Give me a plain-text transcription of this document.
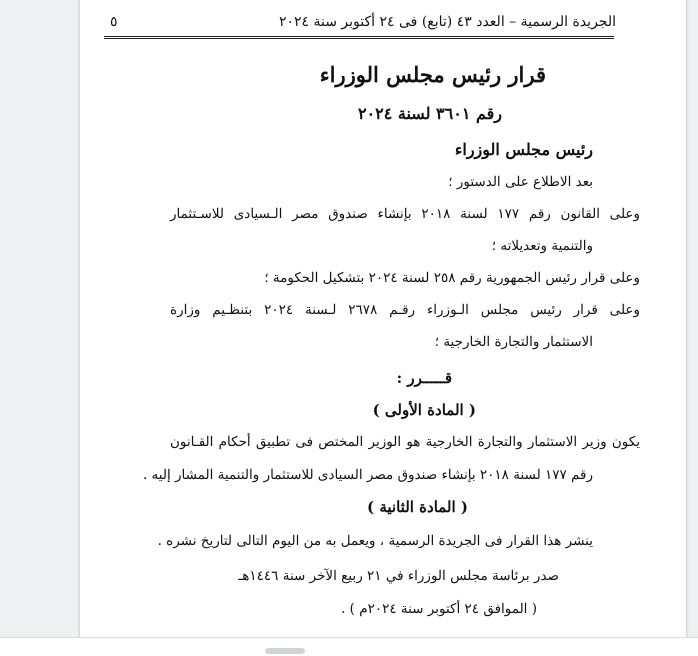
الجريدة الرسمية – العدد ٤٣ (تابع) فى ٢٤ أكتوبر سنة ٢٠٢٤
٥
قرار رئيس مجلس الوزراء
رقم ٣٦٠١ لسنة ٢٠٢٤
رئيس مجلس الوزراء
بعد الاطلاع على الدستور ؛
وعلى القانون رقم ١٧٧ لسنة ٢٠١٨ بإنشاء صندوق مصر الـسيادى للاسـتثمار
والتنمية وتعديلاته ؛
وعلى قرار رئيس الجمهورية رقم ٢٥٨ لسنة ٢٠٢٤ بتشكيل الحكومة ؛
وعلى قرار رئيس مجلس الـوزراء رقـم ٢٦٧٨ لـسنة ٢٠٢٤ بتنظـيم وزارة
الاستثمار والتجارة الخارجية ؛
قـــــرر :
( المادة الأولى )
يكون وزير الاستثمار والتجارة الخارجية هو الوزير المختص فى تطبيق أحكام القـانون
رقم ١٧٧ لسنة ٢٠١٨ بإنشاء صندوق مصر السيادى للاستثمار والتنمية المشار إليه .
( المادة الثانية )
ينشر هذا القرار فى الجريدة الرسمية ، ويعمل به من اليوم التالى لتاريخ نشره .
صدر برئاسة مجلس الوزراء في ٢١ ربيع الآخر سنة ١٤٤٦هـ
( الموافق ٢٤ أكتوبر سنة ٢٠٢٤م ) .
